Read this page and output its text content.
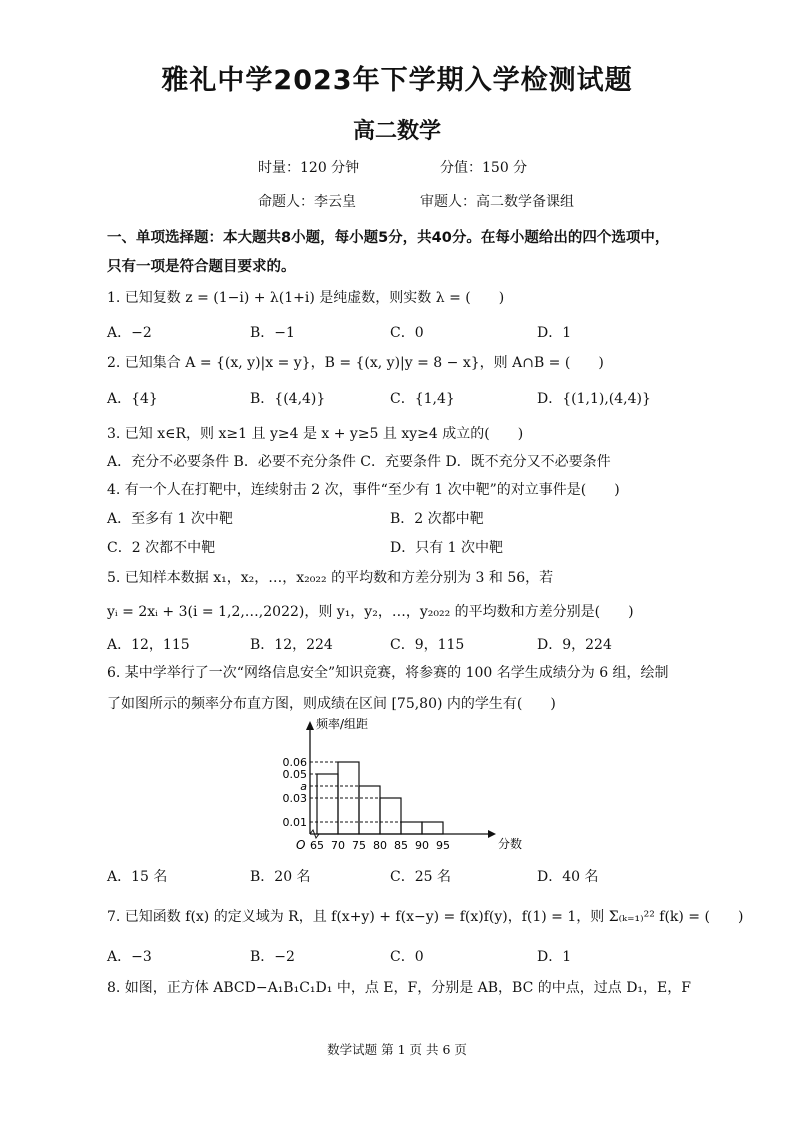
雅礼中学2023年下学期入学检测试题
高二数学
时量：120 分钟	分值：150 分
命题人：李云皇	审题人：高二数学备课组
一、单项选择题：本大题共8小题，每小题5分，共40分。在每小题给出的四个选项中，
只有一项是符合题目要求的。
1. 已知复数 z = (1−i) + λ(1+i) 是纯虚数，则实数 λ = (　　)
A．−2	B．−1	C．0	D．1
2. 已知集合 A = {(x, y)|x = y}，B = {(x, y)|y = 8 − x}，则 A∩B = (　　)
A．{4}	B．{(4,4)}	C．{1,4}	D．{(1,1),(4,4)}
3. 已知 x∈R，则 x≥1 且 y≥4 是 x + y≥5 且 xy≥4 成立的(　　)
A．充分不必要条件 B．必要不充分条件 C．充要条件 D．既不充分又不必要条件
4. 有一个人在打靶中，连续射击 2 次，事件“至少有 1 次中靶”的对立事件是(　　)
A．至多有 1 次中靶	B．2 次都中靶
C．2 次都不中靶	D．只有 1 次中靶
5. 已知样本数据 x₁，x₂，…，x₂₀₂₂ 的平均数和方差分别为 3 和 56，若
yᵢ = 2xᵢ + 3(i = 1,2,…,2022)，则 y₁，y₂，…，y₂₀₂₂ 的平均数和方差分别是(　　)
A．12，115	B．12，224	C．9，115	D．9，224
6. 某中学举行了一次“网络信息安全”知识竞赛，将参赛的 100 名学生成绩分为 6 组，绘制
了如图所示的频率分布直方图，则成绩在区间 [75,80) 内的学生有(　　)
0.06
0.05
a
0.03
0.01
65 70 75 80 85 90 95
频率/组距
分数
O
A．15 名	B．20 名	C．25 名	D．40 名
7. 已知函数 f(x) 的定义域为 R，且 f(x+y) + f(x−y) = f(x)f(y)，f(1) = 1，则 Σ₍ₖ₌₁₎²² f(k) = (　　)
A．−3	B．−2	C．0	D．1
8. 如图，正方体 ABCD−A₁B₁C₁D₁ 中，点 E，F，分别是 AB，BC 的中点，过点 D₁，E，F
数学试题 第 1 页 共 6 页
